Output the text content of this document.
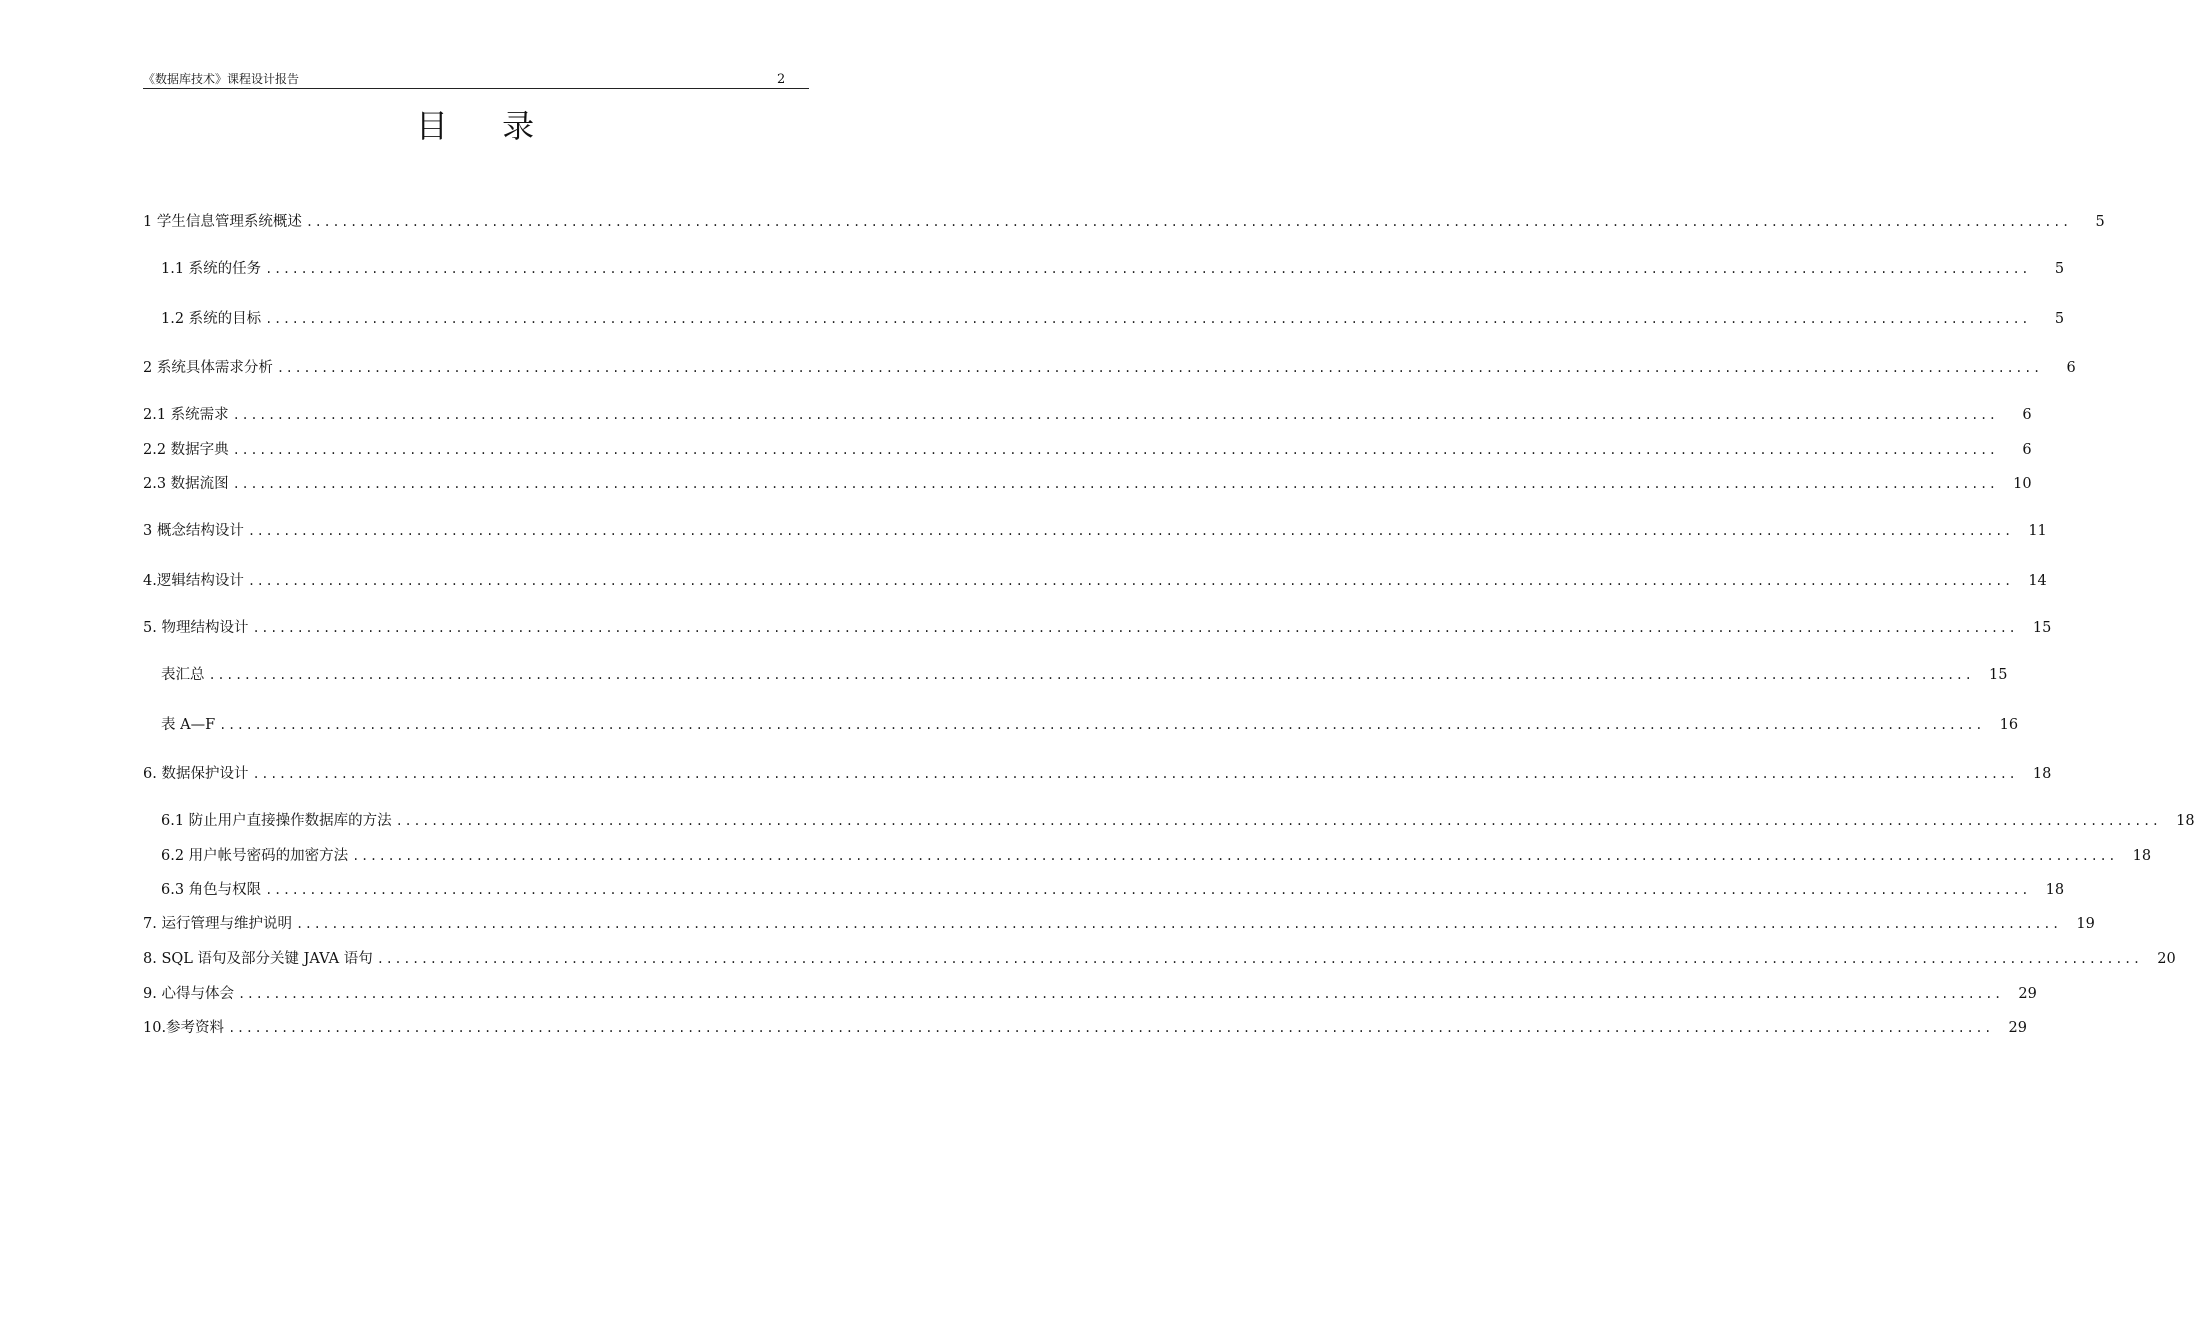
《数据库技术》课程设计报告	2
目 录
1 学生信息管理系统概述 ........................................................................................................................................................................................................	5
1.1 系统的任务 ........................................................................................................................................................................................................	5
1.2 系统的目标 ........................................................................................................................................................................................................	5
2 系统具体需求分析 ........................................................................................................................................................................................................	6
2.1 系统需求 ........................................................................................................................................................................................................	6
2.2 数据字典 ........................................................................................................................................................................................................	6
2.3 数据流图 ........................................................................................................................................................................................................	10
3 概念结构设计 ........................................................................................................................................................................................................	11
4.逻辑结构设计 ........................................................................................................................................................................................................	14
5. 物理结构设计 ........................................................................................................................................................................................................	15
表汇总 ........................................................................................................................................................................................................	15
表 A—F ........................................................................................................................................................................................................	16
6. 数据保护设计 ........................................................................................................................................................................................................	18
6.1 防止用户直接操作数据库的方法 ........................................................................................................................................................................................................	18
6.2 用户帐号密码的加密方法 ........................................................................................................................................................................................................	18
6.3 角色与权限 ........................................................................................................................................................................................................	18
7. 运行管理与维护说明 ........................................................................................................................................................................................................	19
8. SQL 语句及部分关键 JAVA 语句 ........................................................................................................................................................................................................	20
9. 心得与体会 ........................................................................................................................................................................................................	29
10.参考资料 ........................................................................................................................................................................................................	29
